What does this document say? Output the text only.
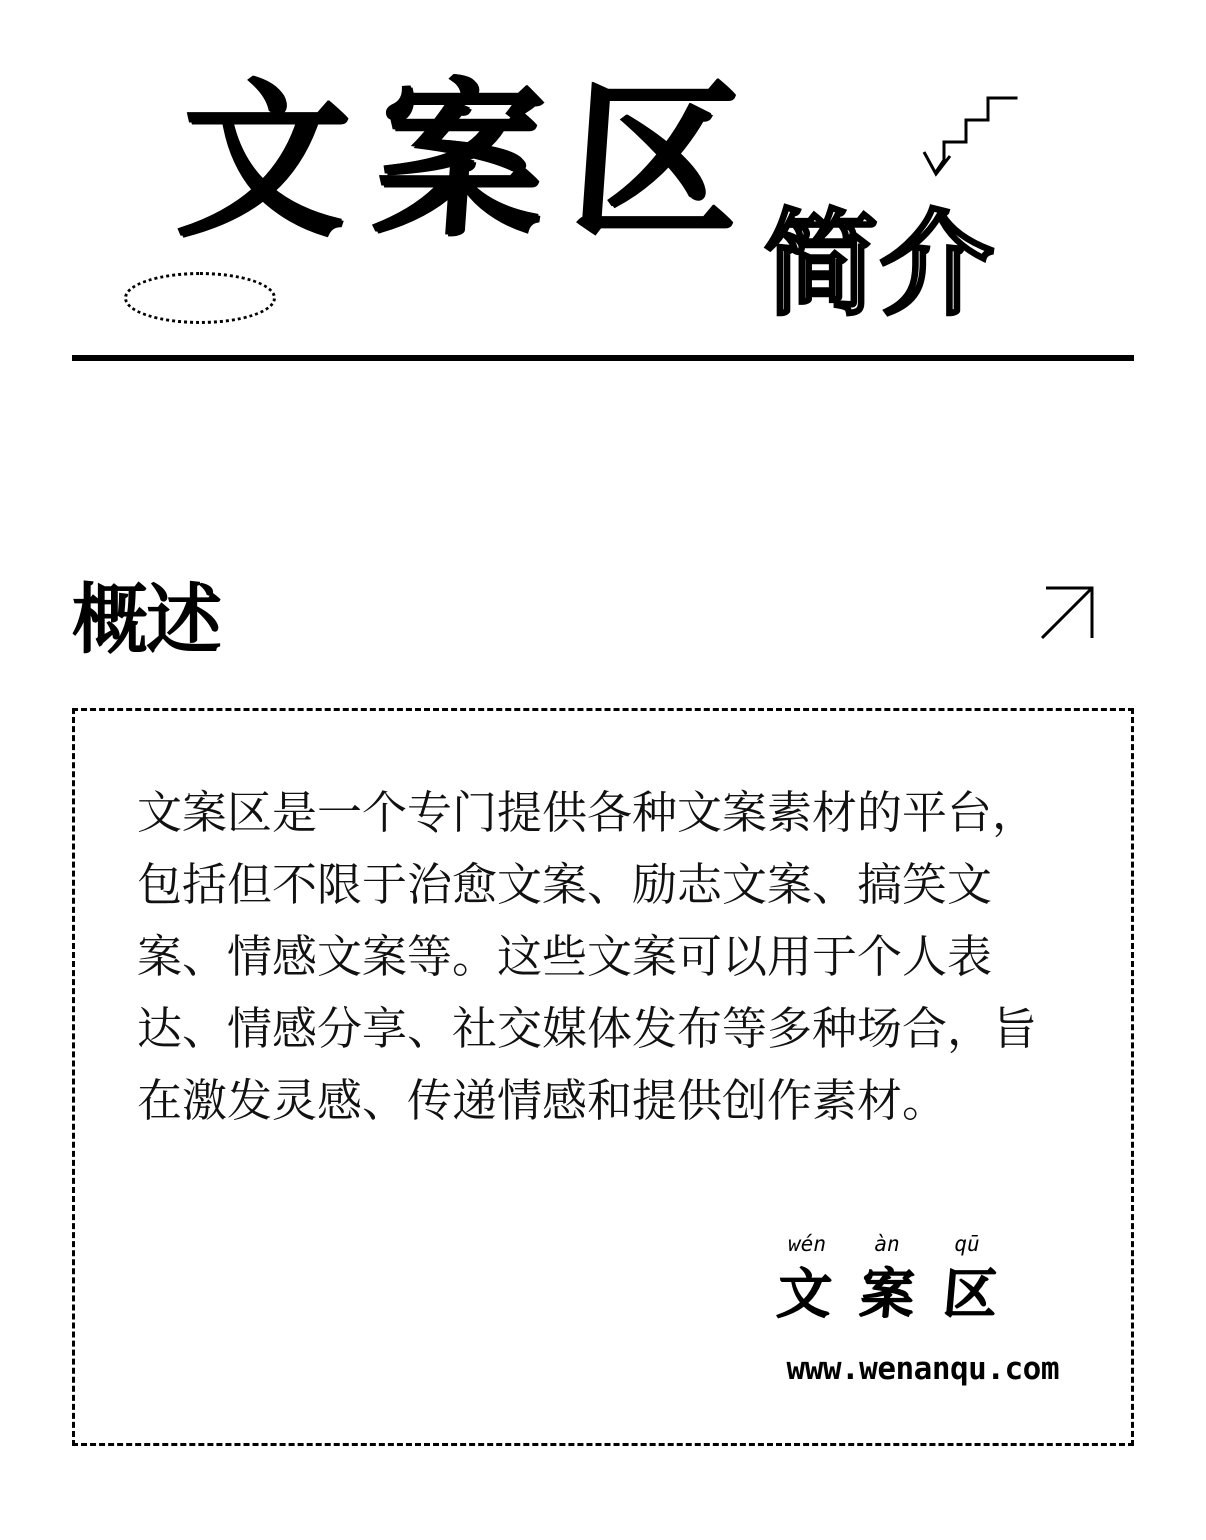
文 案 区
简介
概述

文案区是一个专门提供各种文案素材的平台，包括但不限于治愈文案、励志文案、搞笑文案、情感文案等。这些文案可以用于个人表达、情感分享、社交媒体发布等多种场合，旨在激发灵感、传递情感和提供创作素材。

wén	àn	qū
文 案 区
www.wenanqu.com
